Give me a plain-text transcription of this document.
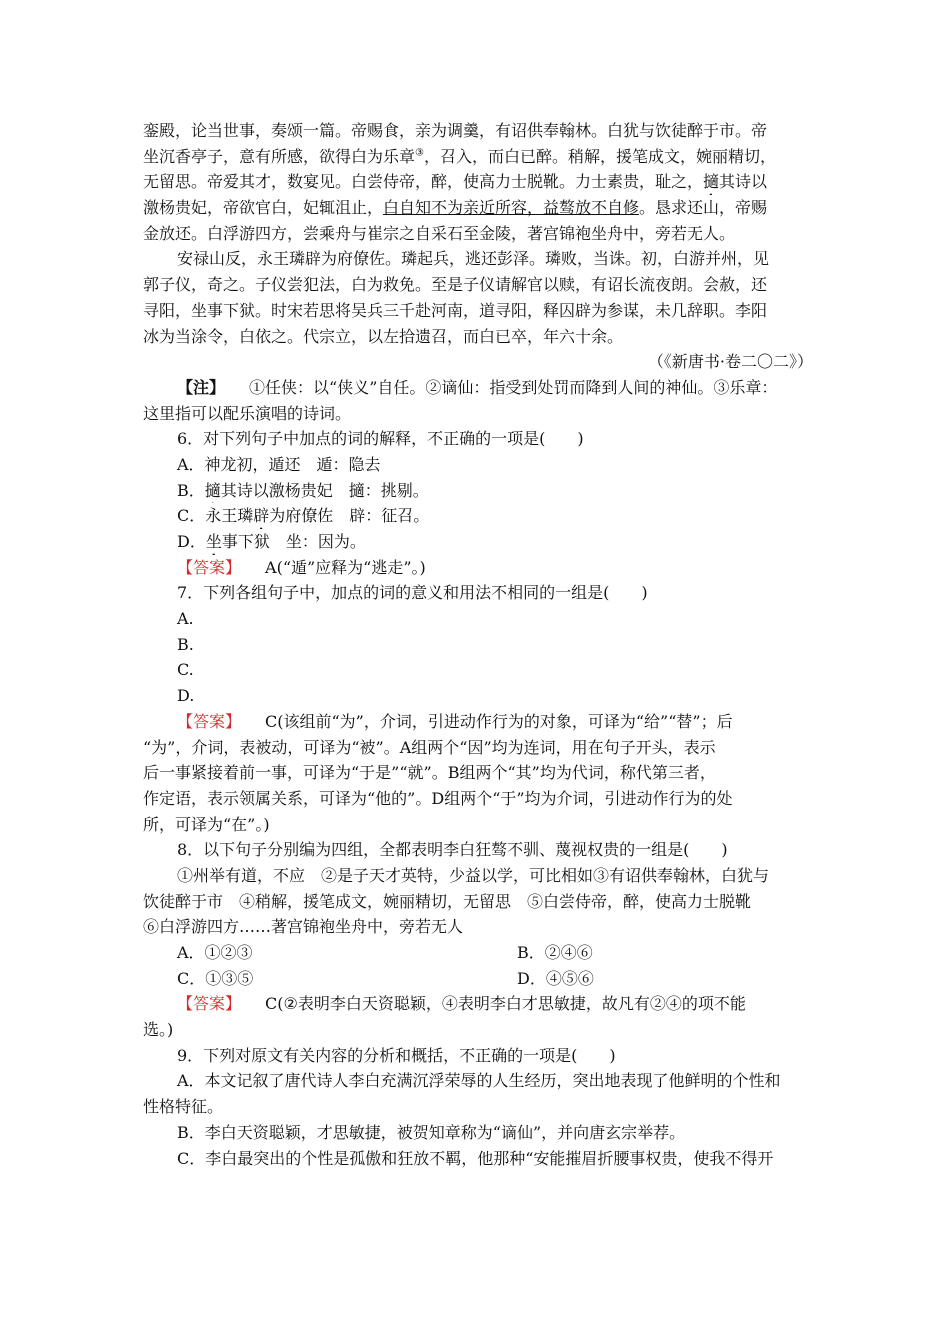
銮殿，论当世事，奏颂一篇。帝赐食，亲为调羹，有诏供奉翰林。白犹与饮徒醉于市。帝
坐沉香亭子，意有所感，欲得白为乐章③，召入，而白已醉。稍解，援笔成文，婉丽精切，
无留思。帝爱其才，数宴见。白尝侍帝，醉，使高力士脱靴。力士素贵，耻之，擿其诗以
激杨贵妃，帝欲官白，妃辄沮止，白自知不为亲近所容，益骜放不自修。恳求还山，帝赐
金放还。白浮游四方，尝乘舟与崔宗之自采石至金陵，著宫锦袍坐舟中，旁若无人。
安禄山反，永王璘辟为府僚佐。璘起兵，逃还彭泽。璘败，当诛。初，白游并州，见
郭子仪，奇之。子仪尝犯法，白为救免。至是子仪请解官以赎，有诏长流夜朗。会赦，还
寻阳，坐事下狱。时宋若思将吴兵三千赴河南，道寻阳，释囚辟为参谋，未几辞职。李阳
冰为当涂令，白依之。代宗立，以左拾遗召，而白已卒，年六十余。
（《新唐书·卷二〇二》）
【注】 ①任侠：以“侠义”自任。②谪仙：指受到处罚而降到人间的神仙。③乐章：
这里指可以配乐演唱的诗词。
6．对下列句子中加点的词的解释，不正确的一项是(　　)
A．神龙初，遁还　遁：隐去
B．擿其诗以激杨贵妃　擿：挑剔。
C．永王璘辟为府僚佐　辟：征召。
D．坐事下狱　坐：因为。
【答案】 A(“遁”应释为“逃走”。)
7．下列各组句子中，加点的词的意义和用法不相同的一组是(　　)
A.
B.
C.
D.
【答案】 C(该组前“为”，介词，引进动作行为的对象，可译为“给”“替”；后
“为”，介词，表被动，可译为“被”。A组两个“因”均为连词，用在句子开头，表示
后一事紧接着前一事，可译为“于是”“就”。B组两个“其”均为代词，称代第三者，
作定语，表示领属关系，可译为“他的”。D组两个“于”均为介词，引进动作行为的处
所，可译为“在”。)
8．以下句子分别编为四组，全都表明李白狂骜不驯、蔑视权贵的一组是(　　)
①州举有道，不应　②是子天才英特，少益以学，可比相如③有诏供奉翰林，白犹与
饮徒醉于市　④稍解，援笔成文，婉丽精切，无留思　⑤白尝侍帝，醉，使高力士脱靴
⑥白浮游四方……著宫锦袍坐舟中，旁若无人
A．①②③	B．②④⑥
C．①③⑤	D．④⑤⑥
【答案】 C(②表明李白天资聪颖，④表明李白才思敏捷，故凡有②④的项不能
选。)
9．下列对原文有关内容的分析和概括，不正确的一项是(　　)
A．本文记叙了唐代诗人李白充满沉浮荣辱的人生经历，突出地表现了他鲜明的个性和
性格特征。
B．李白天资聪颖，才思敏捷，被贺知章称为“谪仙”，并向唐玄宗举荐。
C．李白最突出的个性是孤傲和狂放不羁，他那种“安能摧眉折腰事权贵，使我不得开
